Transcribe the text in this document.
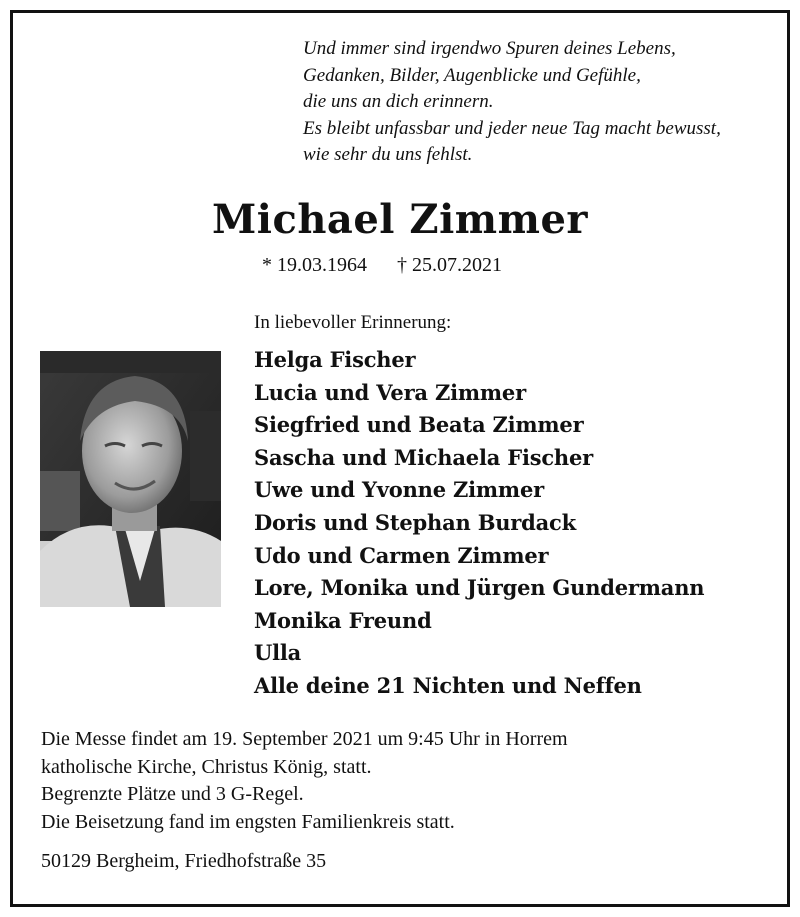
Und immer sind irgendwo Spuren deines Lebens,
Gedanken, Bilder, Augenblicke und Gefühle,
die uns an dich erinnern.
Es bleibt unfassbar und jeder neue Tag macht bewusst,
wie sehr du uns fehlst.
Michael Zimmer
* 19.03.1964 † 25.07.2021
In liebevoller Erinnerung:
Helga Fischer
Lucia und Vera Zimmer
Siegfried und Beata Zimmer
Sascha und Michaela Fischer
Uwe und Yvonne Zimmer
Doris und Stephan Burdack
Udo und Carmen Zimmer
Lore, Monika und Jürgen Gundermann
Monika Freund
Ulla
Alle deine 21 Nichten und Neffen
Die Messe findet am 19. September 2021 um 9:45 Uhr in Horrem
katholische Kirche, Christus König, statt.
Begrenzte Plätze und 3 G-Regel.
Die Beisetzung fand im engsten Familienkreis statt.
50129 Bergheim, Friedhofstraße 35
